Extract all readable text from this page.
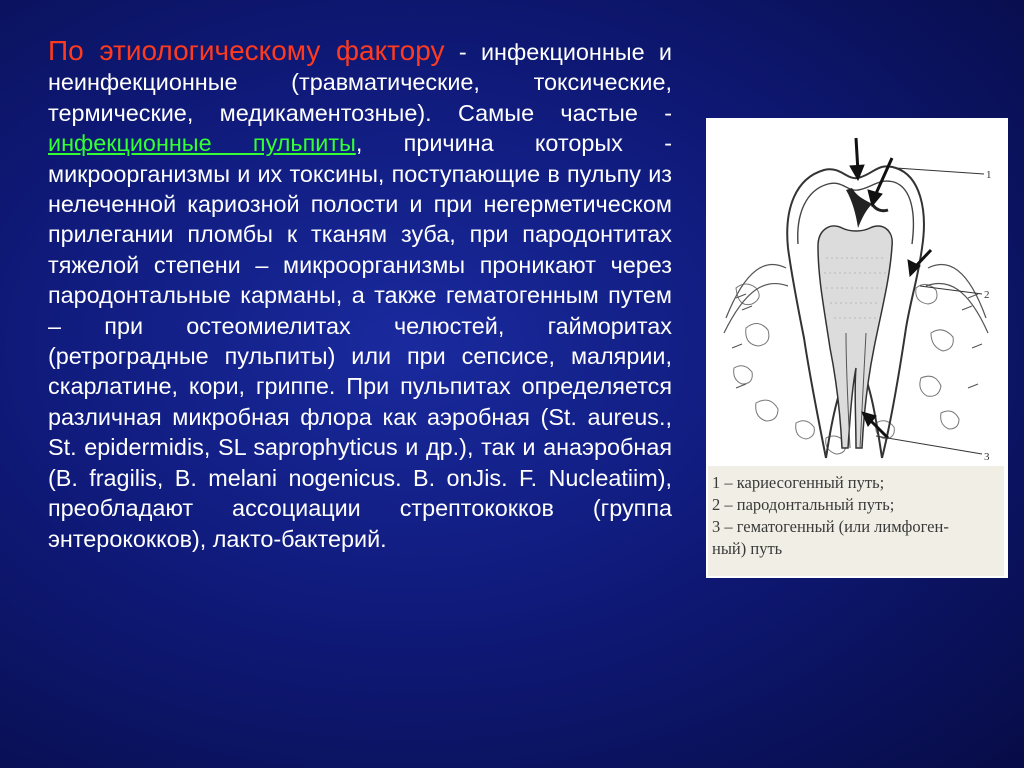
По этиологическому фактору - инфекционные и неинфекционные (травматические, токсические, термические, медикаментозные). Самые частые - инфекционные пульпиты, причина которых - микроорганизмы и их токсины, поступающие в пульпу из нелеченной кариозной полости и при негерметическом прилегании пломбы к тканям зуба, при пародонтитах тяжелой степени – микроорганизмы проникают через пародонтальные карманы, а также гематогенным путем – при остеомиелитах челюстей, гайморитах (ретроградные пульпиты) или при сепсисе, малярии, скарлатине, кори, гриппе. При пульпитах определяется различная микробная флора как аэробная (St. aureus., St. epidermidis, SL saprophyticus и др.), так и анаэробная (B. fragilis, B. melani nogenicus. B. onJis. F. Nucleatiim), преобладают ассоциации стрептококков (группа энтерококков), лакто-бактерий.
1
2
3
1 – кариесогенный путь;
2 – пародонтальный путь;
3 – гематогенный (или лимфоген-
ный) путь
